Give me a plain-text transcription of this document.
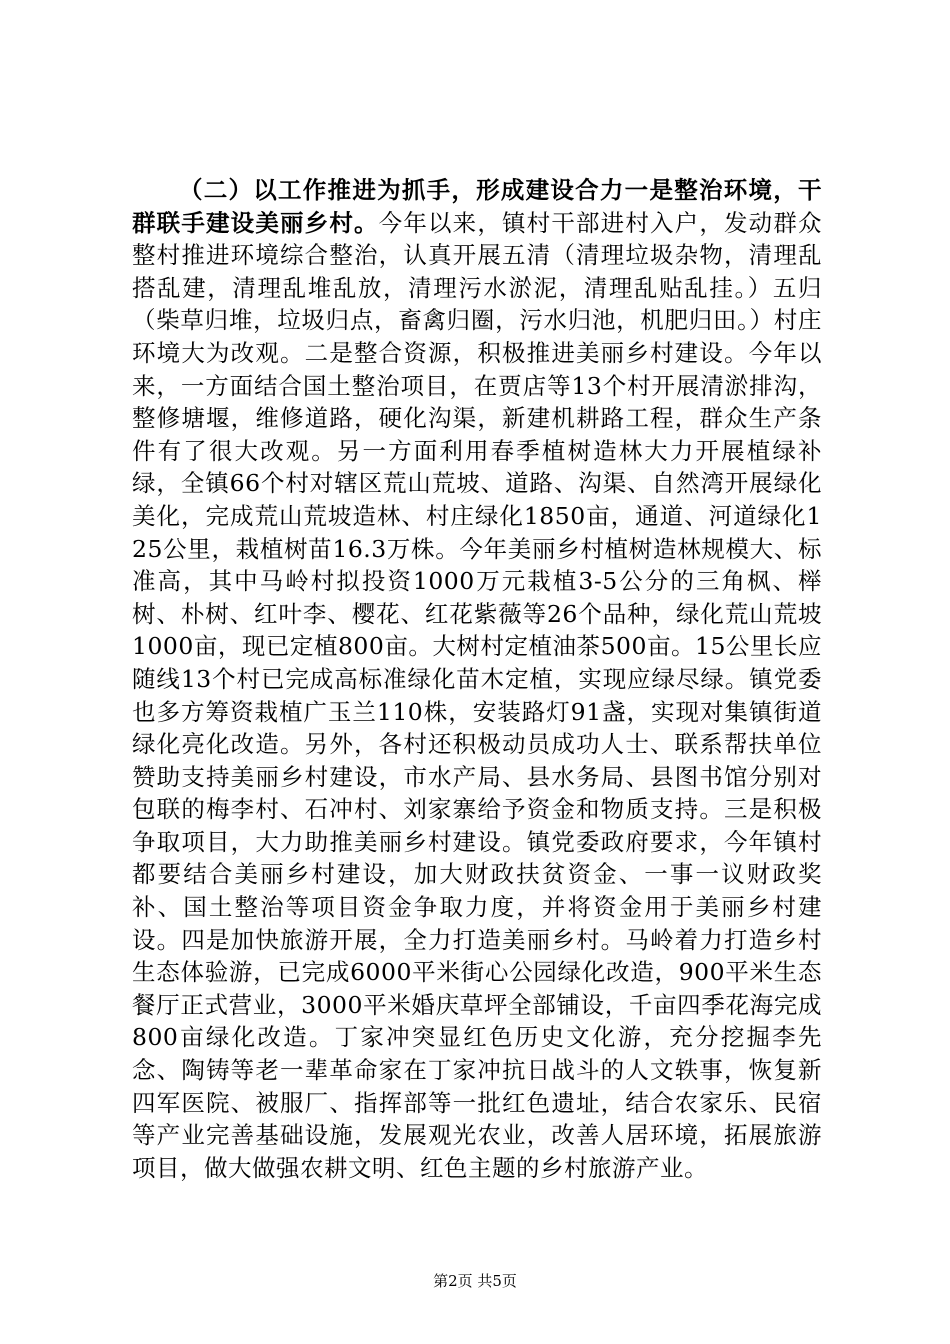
（二）以工作推进为抓手，形成建设合力一是整治环境，干群联手建设美丽乡村。今年以来，镇村干部进村入户，发动群众整村推进环境综合整治，认真开展五清（清理垃圾杂物，清理乱搭乱建，清理乱堆乱放，清理污水淤泥，清理乱贴乱挂。）五归（柴草归堆，垃圾归点，畜禽归圈，污水归池，机肥归田。）村庄环境大为改观。二是整合资源，积极推进美丽乡村建设。今年以来，一方面结合国土整治项目，在贾店等13个村开展清淤排沟，整修塘堰，维修道路，硬化沟渠，新建机耕路工程，群众生产条件有了很大改观。另一方面利用春季植树造林大力开展植绿补绿，全镇66个村对辖区荒山荒坡、道路、沟渠、自然湾开展绿化美化，完成荒山荒坡造林、村庄绿化1850亩，通道、河道绿化125公里，栽植树苗16.3万株。今年美丽乡村植树造林规模大、标准高，其中马岭村拟投资1000万元栽植3-5公分的三角枫、榉树、朴树、红叶李、樱花、红花紫薇等26个品种，绿化荒山荒坡1000亩，现已定植800亩。大树村定植油茶500亩。15公里长应随线13个村已完成高标准绿化苗木定植，实现应绿尽绿。镇党委也多方筹资栽植广玉兰110株，安装路灯91盏，实现对集镇街道绿化亮化改造。另外，各村还积极动员成功人士、联系帮扶单位赞助支持美丽乡村建设，市水产局、县水务局、县图书馆分别对包联的梅李村、石冲村、刘家寨给予资金和物质支持。三是积极争取项目，大力助推美丽乡村建设。镇党委政府要求，今年镇村都要结合美丽乡村建设，加大财政扶贫资金、一事一议财政奖补、国土整治等项目资金争取力度，并将资金用于美丽乡村建设。四是加快旅游开展，全力打造美丽乡村。马岭着力打造乡村生态体验游，已完成6000平米街心公园绿化改造，900平米生态餐厅正式营业，3000平米婚庆草坪全部铺设，千亩四季花海完成800亩绿化改造。丁家冲突显红色历史文化游，充分挖掘李先念、陶铸等老一辈革命家在丁家冲抗日战斗的人文轶事，恢复新四军医院、被服厂、指挥部等一批红色遗址，结合农家乐、民宿等产业完善基础设施，发展观光农业，改善人居环境，拓展旅游项目，做大做强农耕文明、红色主题的乡村旅游产业。

第2页 共5页
